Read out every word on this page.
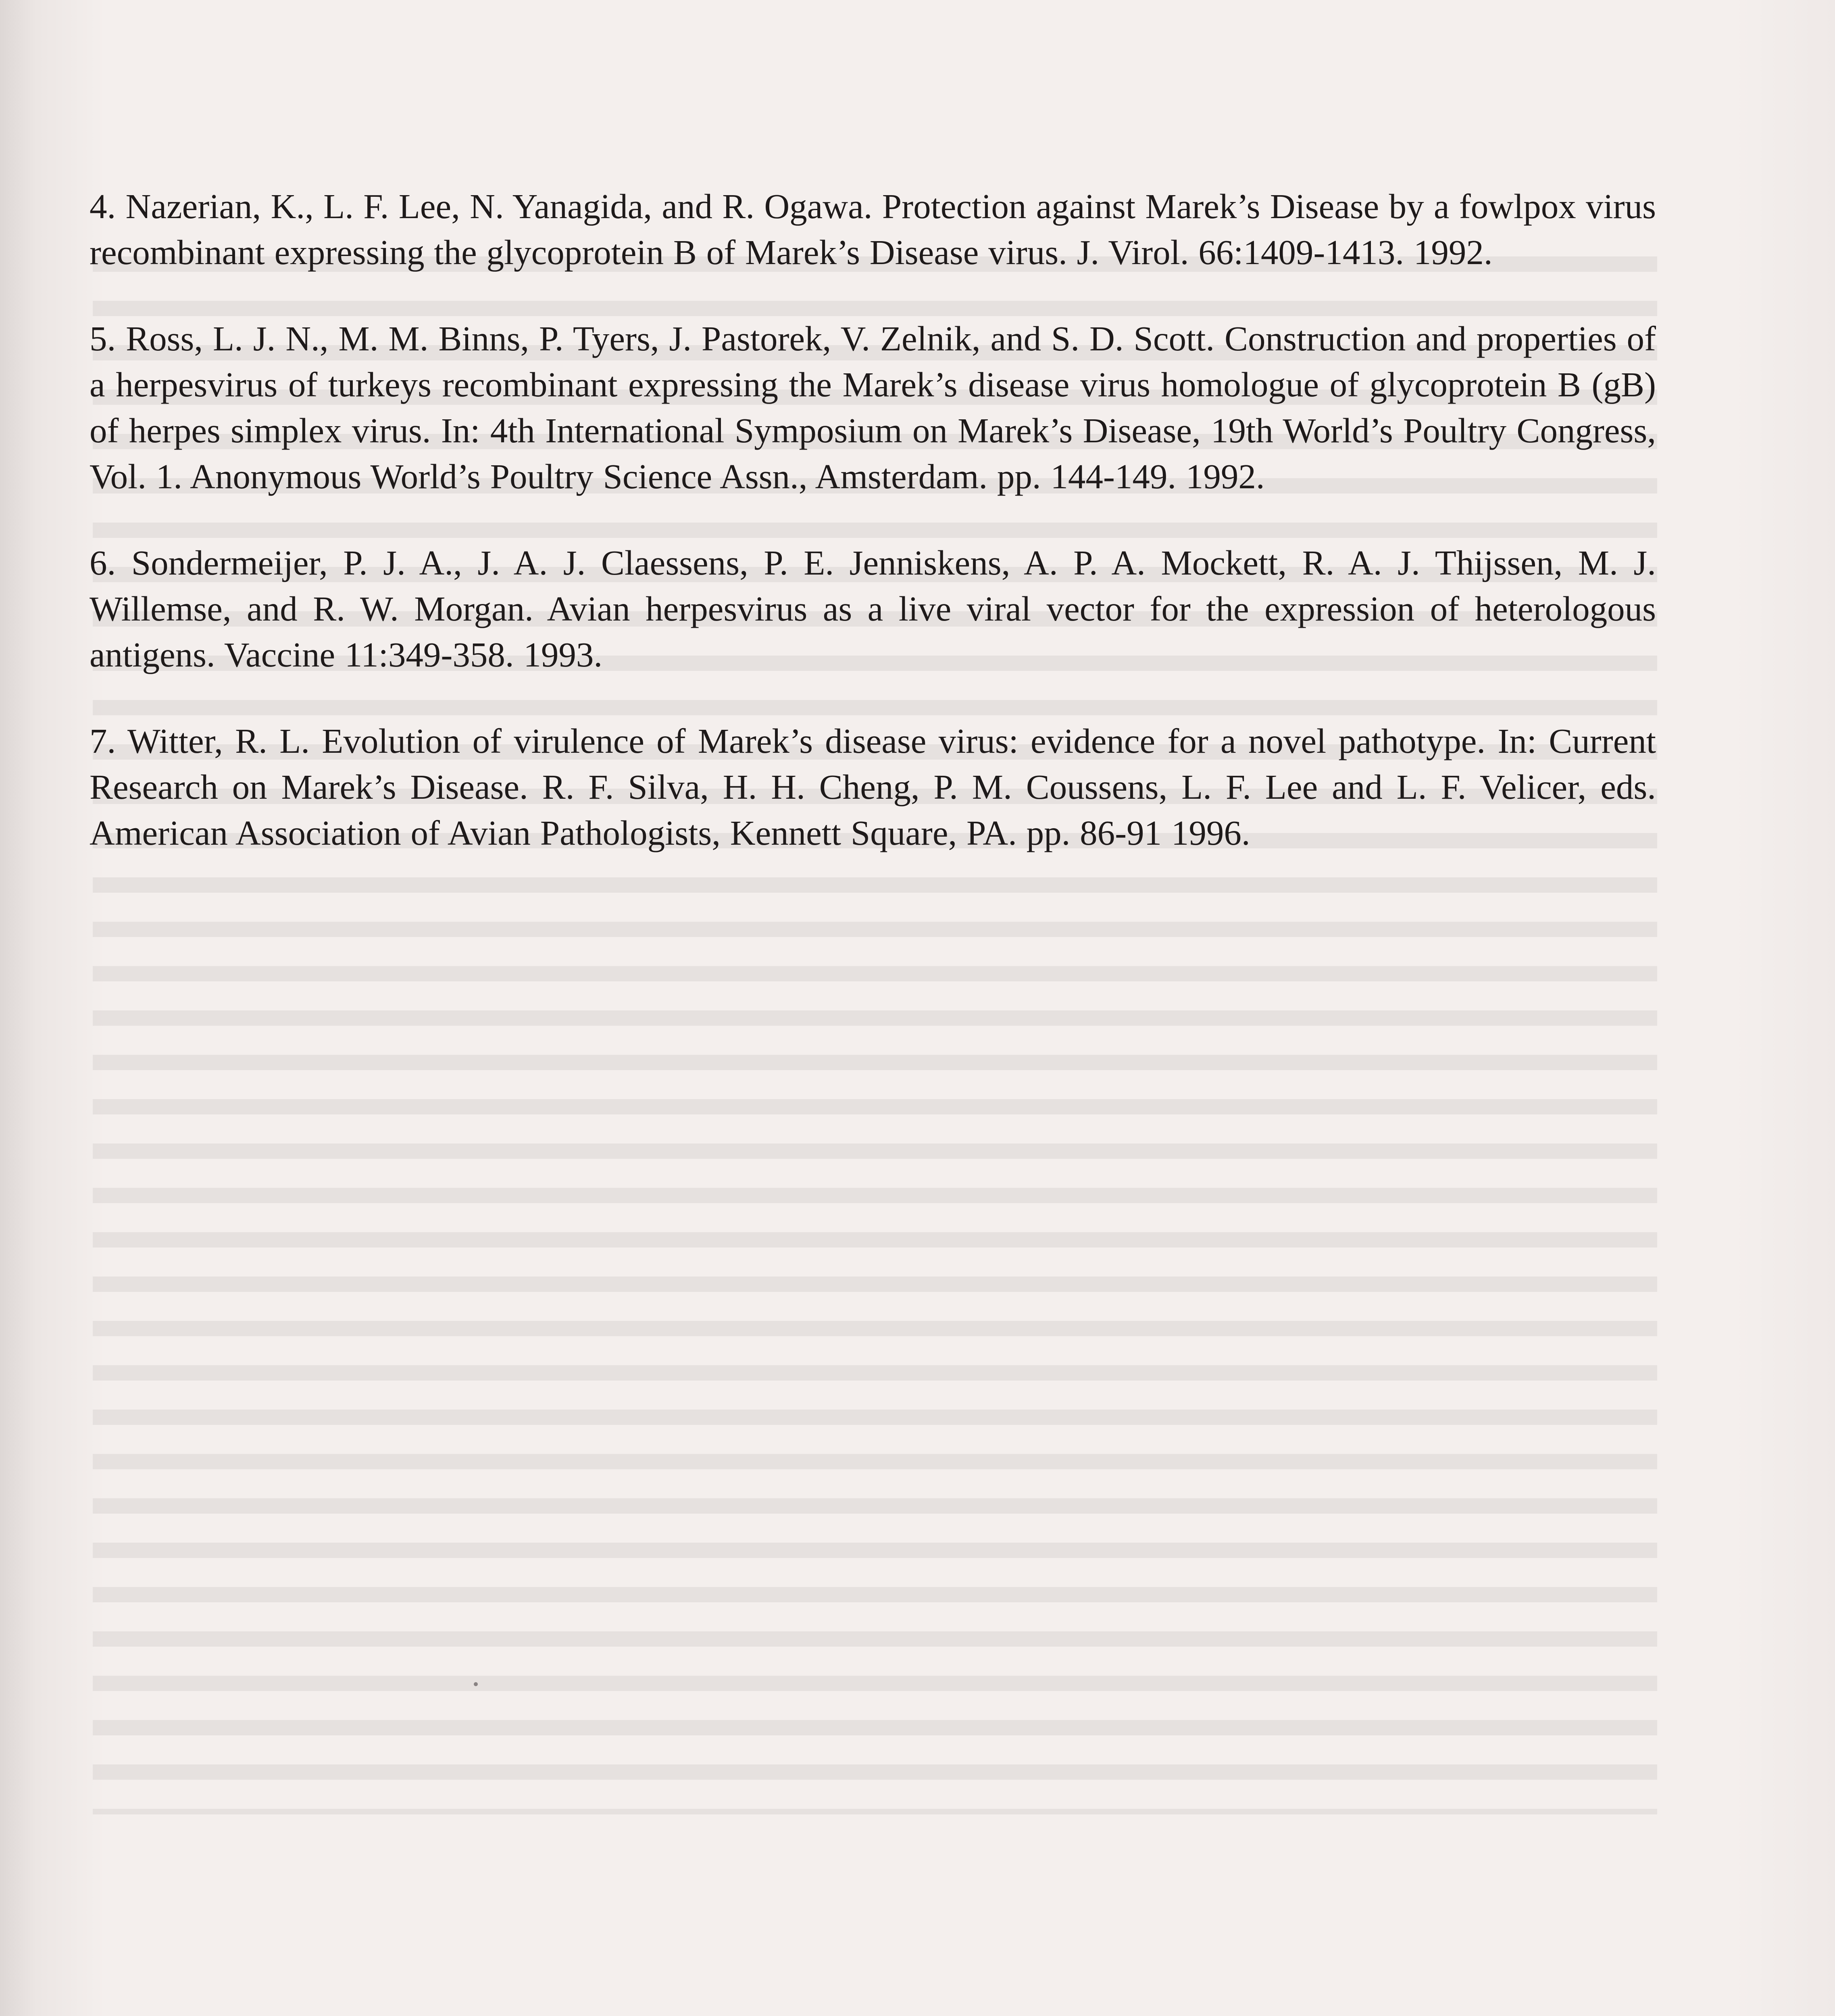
4. Nazerian, K., L. F. Lee, N. Yanagida, and R. Ogawa. Protection against Marek’s Disease by a fowlpox virus recombinant expressing the glycoprotein B of Marek’s Disease virus. J. Virol. 66:1409-1413. 1992.

5. Ross, L. J. N., M. M. Binns, P. Tyers, J. Pastorek, V. Zelnik, and S. D. Scott. Construction and properties of a herpesvirus of turkeys recombinant expressing the Marek’s disease virus homologue of glycoprotein B (gB) of herpes simplex virus. In: 4th International Symposium on Marek’s Disease, 19th World’s Poultry Congress, Vol. 1. Anonymous World’s Poultry Science Assn., Amsterdam. pp. 144-149. 1992.

6. Sondermeijer, P. J. A., J. A. J. Claessens, P. E. Jenniskens, A. P. A. Mockett, R. A. J. Thijssen, M. J. Willemse, and R. W. Morgan. Avian herpesvirus as a live viral vector for the expression of heterologous antigens. Vaccine 11:349-358. 1993.

7. Witter, R. L. Evolution of virulence of Marek’s disease virus: evidence for a novel pathotype. In: Current Research on Marek’s Disease. R. F. Silva, H. H. Cheng, P. M. Coussens, L. F. Lee and L. F. Velicer, eds. American Association of Avian Pathologists, Kennett Square, PA. pp. 86-91 1996.
